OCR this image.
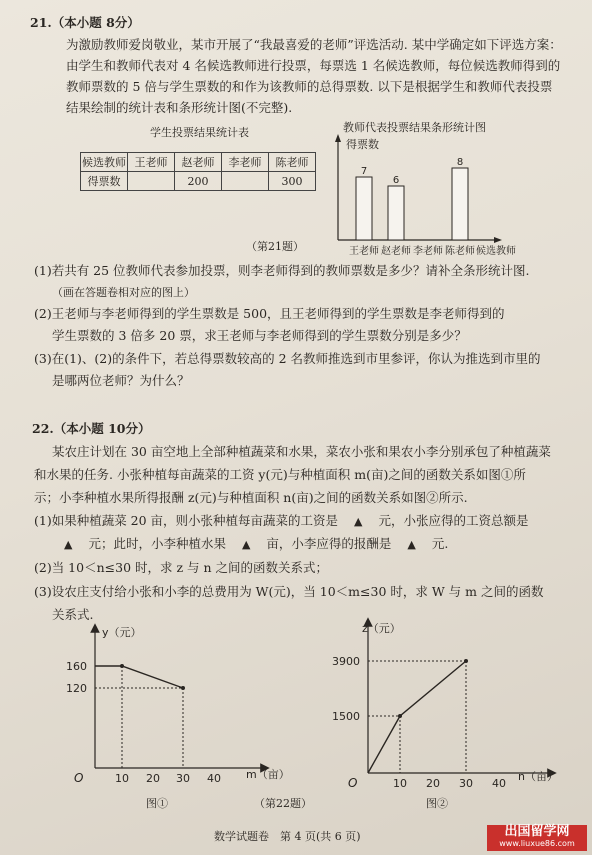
21.（本小题 8分）
为激励教师爱岗敬业，某市开展了“我最喜爱的老师”评选活动. 某中学确定如下评选方案：
由学生和教师代表对 4 名候选教师进行投票，每票选 1 名候选教师，每位候选教师得到的
教师票数的 5 倍与学生票数的和作为该教师的总得票数. 以下是根据学生和教师代表投票
结果绘制的统计表和条形统计图(不完整).
学生投票结果统计表
候选教师	王老师	赵老师	李老师	陈老师
得票数		200		300
教师代表投票结果条形统计图
得票数
候选教师
7
王老师
6
赵老师 李老师
8
陈老师
（第21题）
(1)若共有 25 位教师代表参加投票，则李老师得到的教师票数是多少？请补全条形统计图.
（画在答题卷相对应的图上）
(2)王老师与李老师得到的学生票数是 500，且王老师得到的学生票数是李老师得到的
学生票数的 3 倍多 20 票，求王老师与李老师得到的学生票数分别是多少？
(3)在(1)、(2)的条件下，若总得票数较高的 2 名教师推选到市里参评，你认为推选到市里的
是哪两位老师？为什么？
22.（本小题 10分）
某农庄计划在 30 亩空地上全部种植蔬菜和水果，菜农小张和果农小李分别承包了种植蔬菜
和水果的任务. 小张种植每亩蔬菜的工资 y(元)与种植面积 m(亩)之间的函数关系如图①所
示；小李种植水果所得报酬 z(元)与种植面积 n(亩)之间的函数关系如图②所示.
(1)如果种植蔬菜 20 亩，则小张种植每亩蔬菜的工资是 ▲ 元，小张应得的工资总额是
▲ 元；此时，小李种植水果 ▲ 亩，小李应得的报酬是 ▲ 元.
(2)当 10＜n≤30 时，求 z 与 n 之间的函数关系式；
(3)设农庄支付给小张和小李的总费用为 W(元)，当 10＜m≤30 时，求 W 与 m 之间的函数
关系式.
y（元）
160
120
O	10 20 30 40 m（亩）
图①
z（元）
3900
1500
O	10 20 30 40
n（亩）
（第22题）	图②
数学试题卷　第 4 页(共 6 页)	出国留学网
www.liuxue86.com
